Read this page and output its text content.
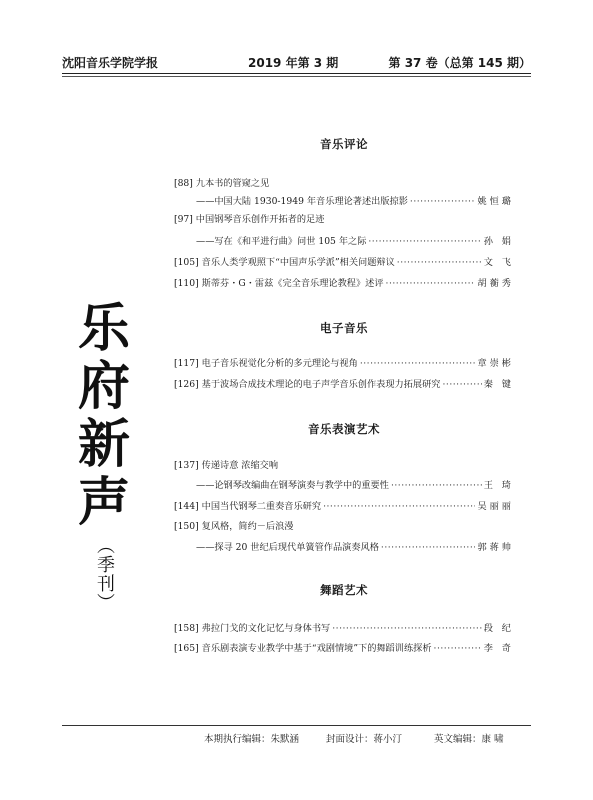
沈阳音乐学院学报	2019 年第 3 期	第 37 卷（总第 145 期）
乐
府
新
声
（季刊）
音乐评论
[88] 九本书的管窥之见
——中国大陆 1930-1949 年音乐理论著述出版掠影 ·····	姚恒璐
[97] 中国钢琴音乐创作开拓者的足迹
——写在《和平进行曲》问世 105 年之际 ·····	孙 娟
[105] 音乐人类学观照下“中国声乐学派”相关问题辩议 ·····	文 飞
[110] 斯蒂芬・G・雷兹《完全音乐理论教程》述评 ·····	胡蘅秀
电子音乐
[117] 电子音乐视觉化分析的多元理论与视角 ·····	章崇彬
[126] 基于波场合成技术理论的电子声学音乐创作表现力拓展研究 ·····	秦 键
音乐表演艺术
[137] 传递诗意 浓缩交响
——论钢琴改编曲在钢琴演奏与教学中的重要性 ·····	王 琦
[144] 中国当代钢琴二重奏音乐研究 ·····	吴丽丽
[150] 复风格，简约－后浪漫
——探寻 20 世纪后现代单簧管作品演奏风格 ·····	郭蒋帅
舞蹈艺术
[158] 弗拉门戈的文化记忆与身体书写 ·····	段 纪
[165] 音乐剧表演专业教学中基于“戏剧情境”下的舞蹈训练探析 ·····	李 奇
本期执行编辑：朱默涵	封面设计：蒋小汀	英文编辑：康 啸
